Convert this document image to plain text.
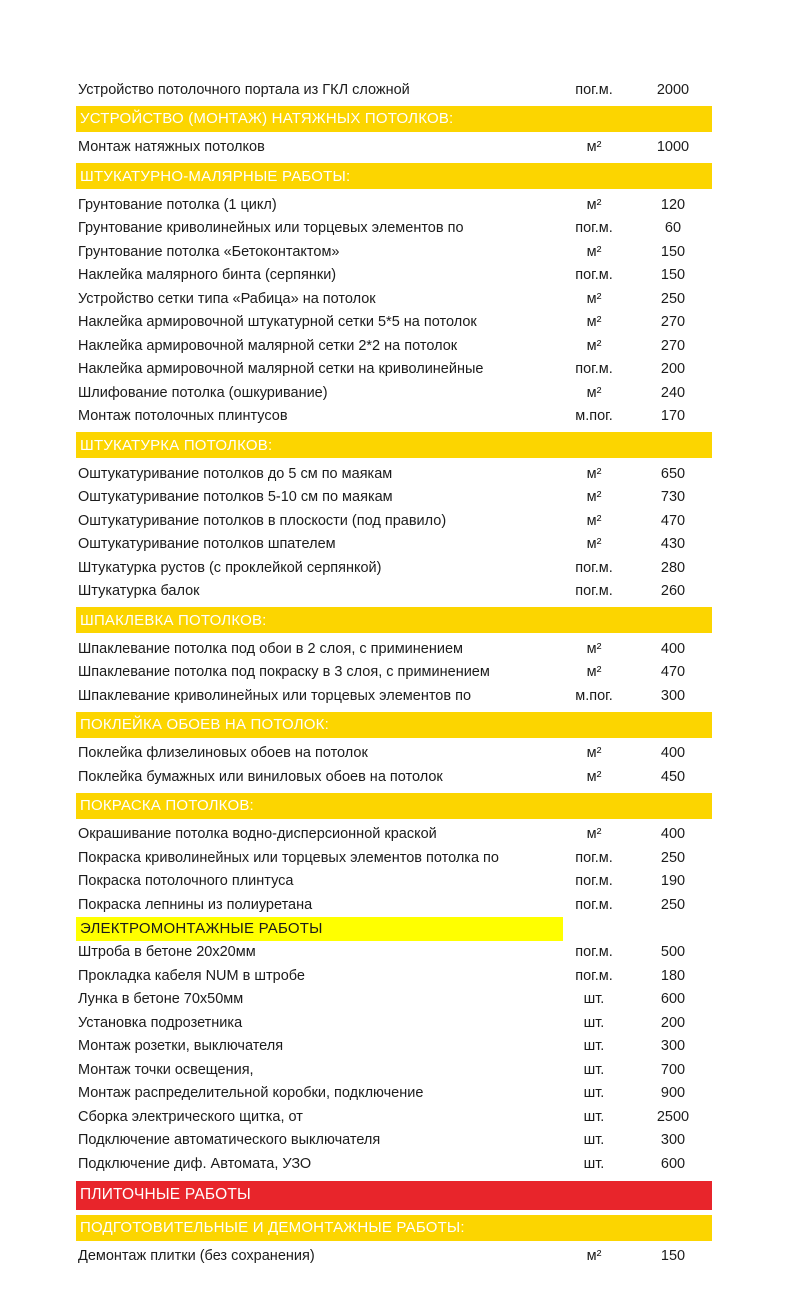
Устройство потолочного портала из ГКЛ сложной	пог.м.	2000
УСТРОЙСТВО (МОНТАЖ) НАТЯЖНЫХ ПОТОЛКОВ:
Монтаж натяжных потолков	м²	1000
ШТУКАТУРНО-МАЛЯРНЫЕ РАБОТЫ:
Грунтование потолка (1 цикл)	м²	120
Грунтование криволинейных или торцевых элементов по	пог.м.	60
Грунтование потолка «Бетоконтактом»	м²	150
Наклейка малярного бинта (серпянки)	пог.м.	150
Устройство сетки типа «Рабица» на потолок	м²	250
Наклейка армировочной штукатурной сетки 5*5 на потолок	м²	270
Наклейка армировочной малярной сетки 2*2 на потолок	м²	270
Наклейка армировочной малярной сетки на криволинейные	пог.м.	200
Шлифование потолка (ошкуривание)	м²	240
Монтаж потолочных плинтусов	м.пог.	170
ШТУКАТУРКА ПОТОЛКОВ:
Оштукатуривание потолков до 5 см по маякам	м²	650
Оштукатуривание потолков 5-10 см по маякам	м²	730
Оштукатуривание потолков в плоскости (под правило)	м²	470
Оштукатуривание потолков шпателем	м²	430
Штукатурка рустов (с проклейкой серпянкой)	пог.м.	280
Штукатурка балок	пог.м.	260
ШПАКЛЕВКА ПОТОЛКОВ:
Шпаклевание потолка под обои в 2 слоя, с приминением	м²	400
Шпаклевание потолка под покраску в 3 слоя, с приминением	м²	470
Шпаклевание криволинейных или торцевых элементов по	м.пог.	300
ПОКЛЕЙКА ОБОЕВ НА ПОТОЛОК:
Поклейка флизелиновых обоев на потолок	м²	400
Поклейка бумажных или виниловых обоев на потолок	м²	450
ПОКРАСКА ПОТОЛКОВ:
Окрашивание потолка водно-дисперсионной краской	м²	400
Покраска криволинейных или торцевых элементов потолка по	пог.м.	250
Покраска потолочного плинтуса	пог.м.	190
Покраска лепнины из полиуретана	пог.м.	250
ЭЛЕКТРОМОНТАЖНЫЕ РАБОТЫ
Штроба в бетоне 20х20мм	пог.м.	500
Прокладка кабеля NUM в штробе	пог.м.	180
Лунка в бетоне 70х50мм	шт.	600
Установка подрозетника	шт.	200
Монтаж розетки, выключателя	шт.	300
Монтаж точки освещения,	шт.	700
Монтаж распределительной коробки, подключение	шт.	900
Сборка электрического щитка, от	шт.	2500
Подключение автоматического выключателя	шт.	300
Подключение диф. Автомата, УЗО	шт.	600
ПЛИТОЧНЫЕ РАБОТЫ
ПОДГОТОВИТЕЛЬНЫЕ И ДЕМОНТАЖНЫЕ РАБОТЫ:
Демонтаж плитки (без сохранения)	м²	150
